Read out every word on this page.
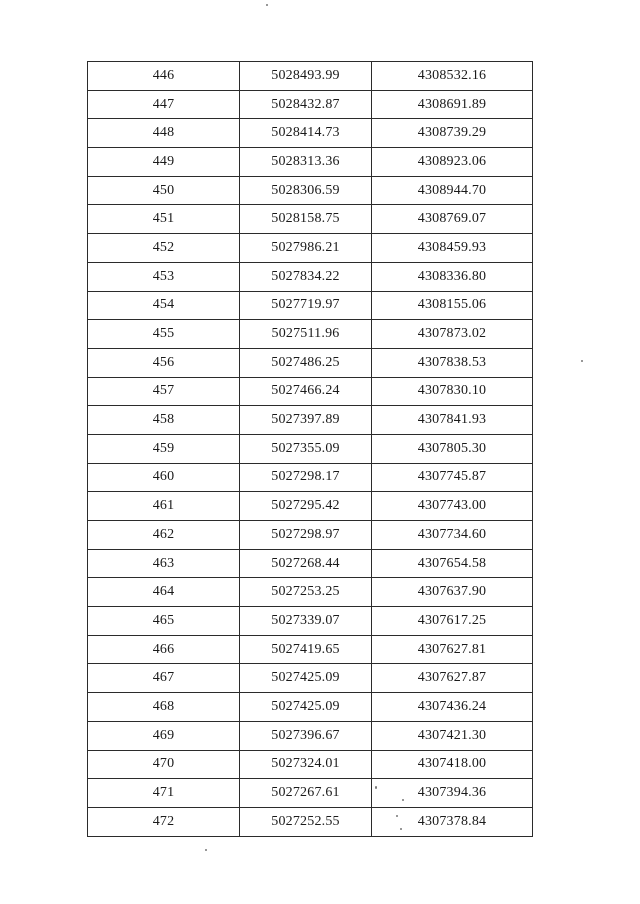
446	5028493.99	4308532.16
447	5028432.87	4308691.89
448	5028414.73	4308739.29
449	5028313.36	4308923.06
450	5028306.59	4308944.70
451	5028158.75	4308769.07
452	5027986.21	4308459.93
453	5027834.22	4308336.80
454	5027719.97	4308155.06
455	5027511.96	4307873.02
456	5027486.25	4307838.53
457	5027466.24	4307830.10
458	5027397.89	4307841.93
459	5027355.09	4307805.30
460	5027298.17	4307745.87
461	5027295.42	4307743.00
462	5027298.97	4307734.60
463	5027268.44	4307654.58
464	5027253.25	4307637.90
465	5027339.07	4307617.25
466	5027419.65	4307627.81
467	5027425.09	4307627.87
468	5027425.09	4307436.24
469	5027396.67	4307421.30
470	5027324.01	4307418.00
471	5027267.61	4307394.36
472	5027252.55	4307378.84
